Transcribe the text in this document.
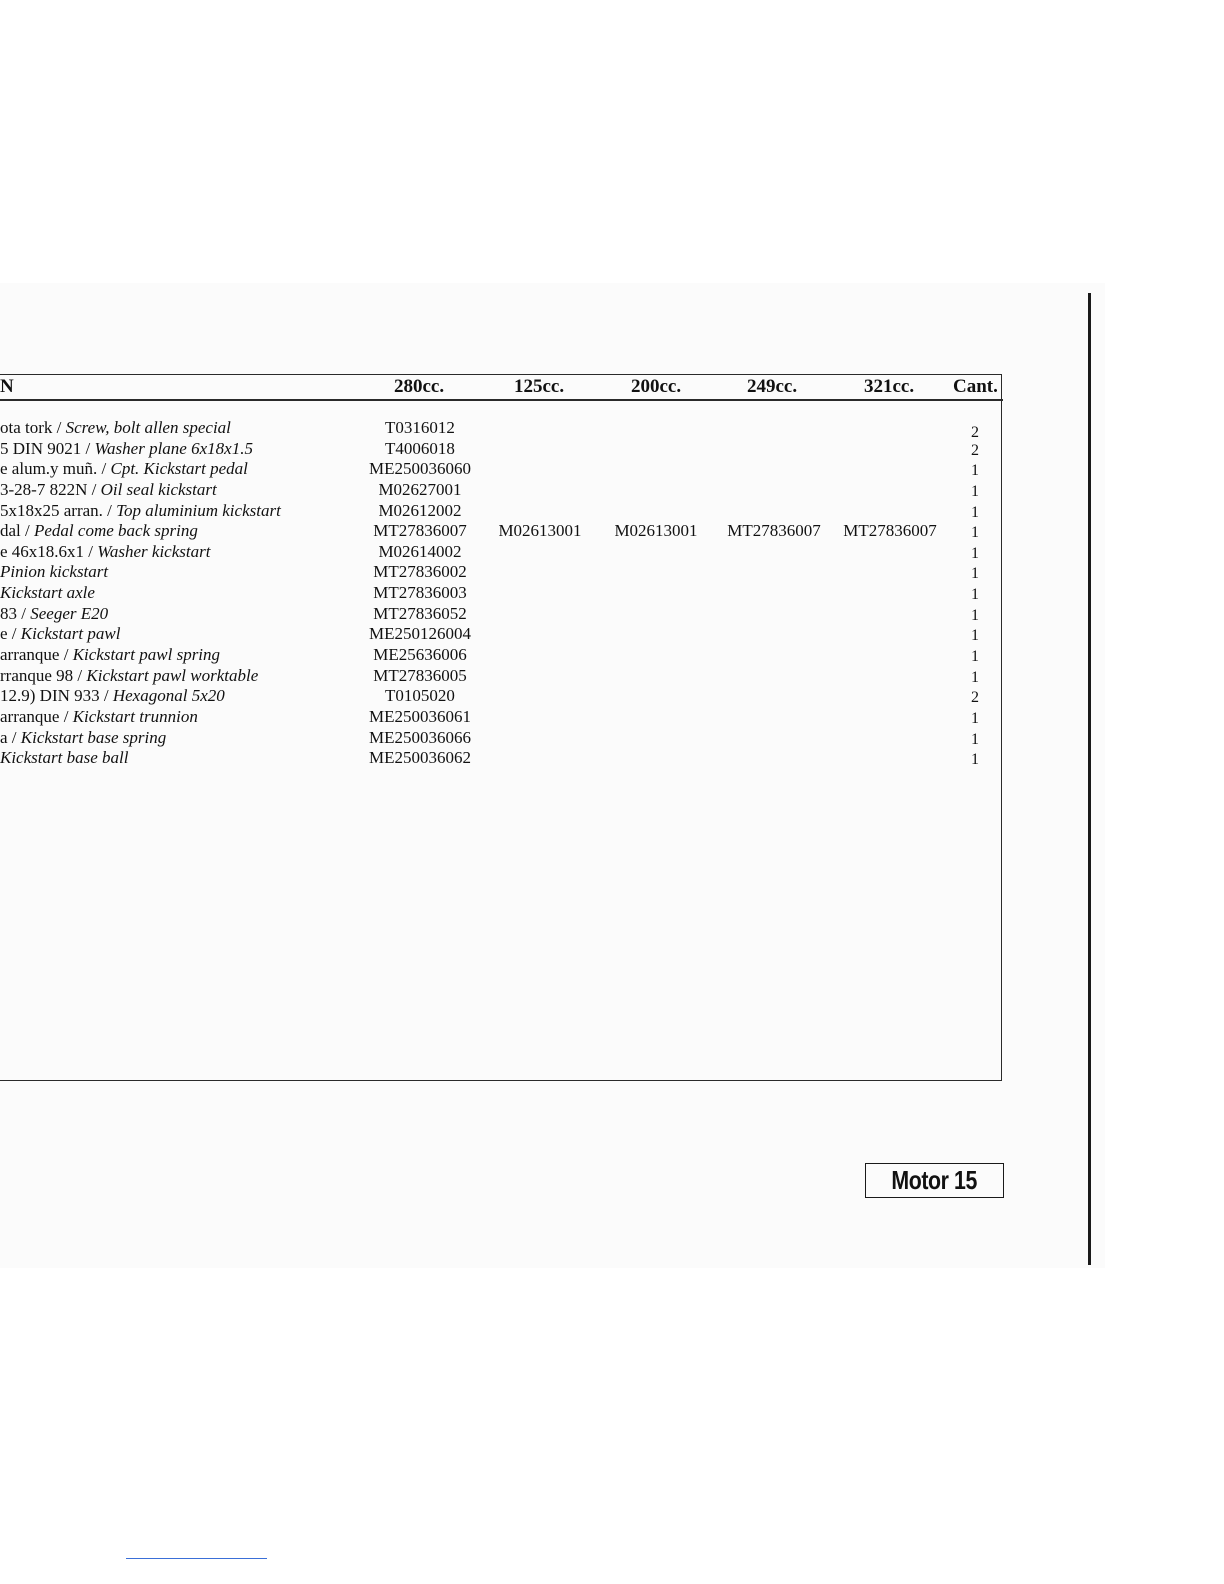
N	280cc.	125cc.	200cc.	249cc.	321cc. Cant.
ota tork / Screw, bolt allen special	T0316012	2
5 DIN 9021 / Washer plane 6x18x1.5	T4006018	2
e alum.y muñ. / Cpt. Kickstart pedal	ME250036060	1
3-28-7 822N / Oil seal kickstart	M02627001	1
5x18x25 arran. / Top aluminium kickstart	M02612002	1
dal / Pedal come back spring	MT27836007	M02613001	M02613001	MT27836007	MT27836007	1
e 46x18.6x1 / Washer kickstart	M02614002	1
Pinion kickstart	MT27836002	1
Kickstart axle	MT27836003	1
83 / Seeger E20	MT27836052	1
e / Kickstart pawl	ME250126004	1
arranque / Kickstart pawl spring	ME25636006	1
rranque 98 / Kickstart pawl worktable	MT27836005	1
12.9) DIN 933 / Hexagonal 5x20	T0105020	2
arranque / Kickstart trunnion	ME250036061	1
a / Kickstart base spring	ME250036066	1
Kickstart base ball	ME250036062	1
Motor 15
